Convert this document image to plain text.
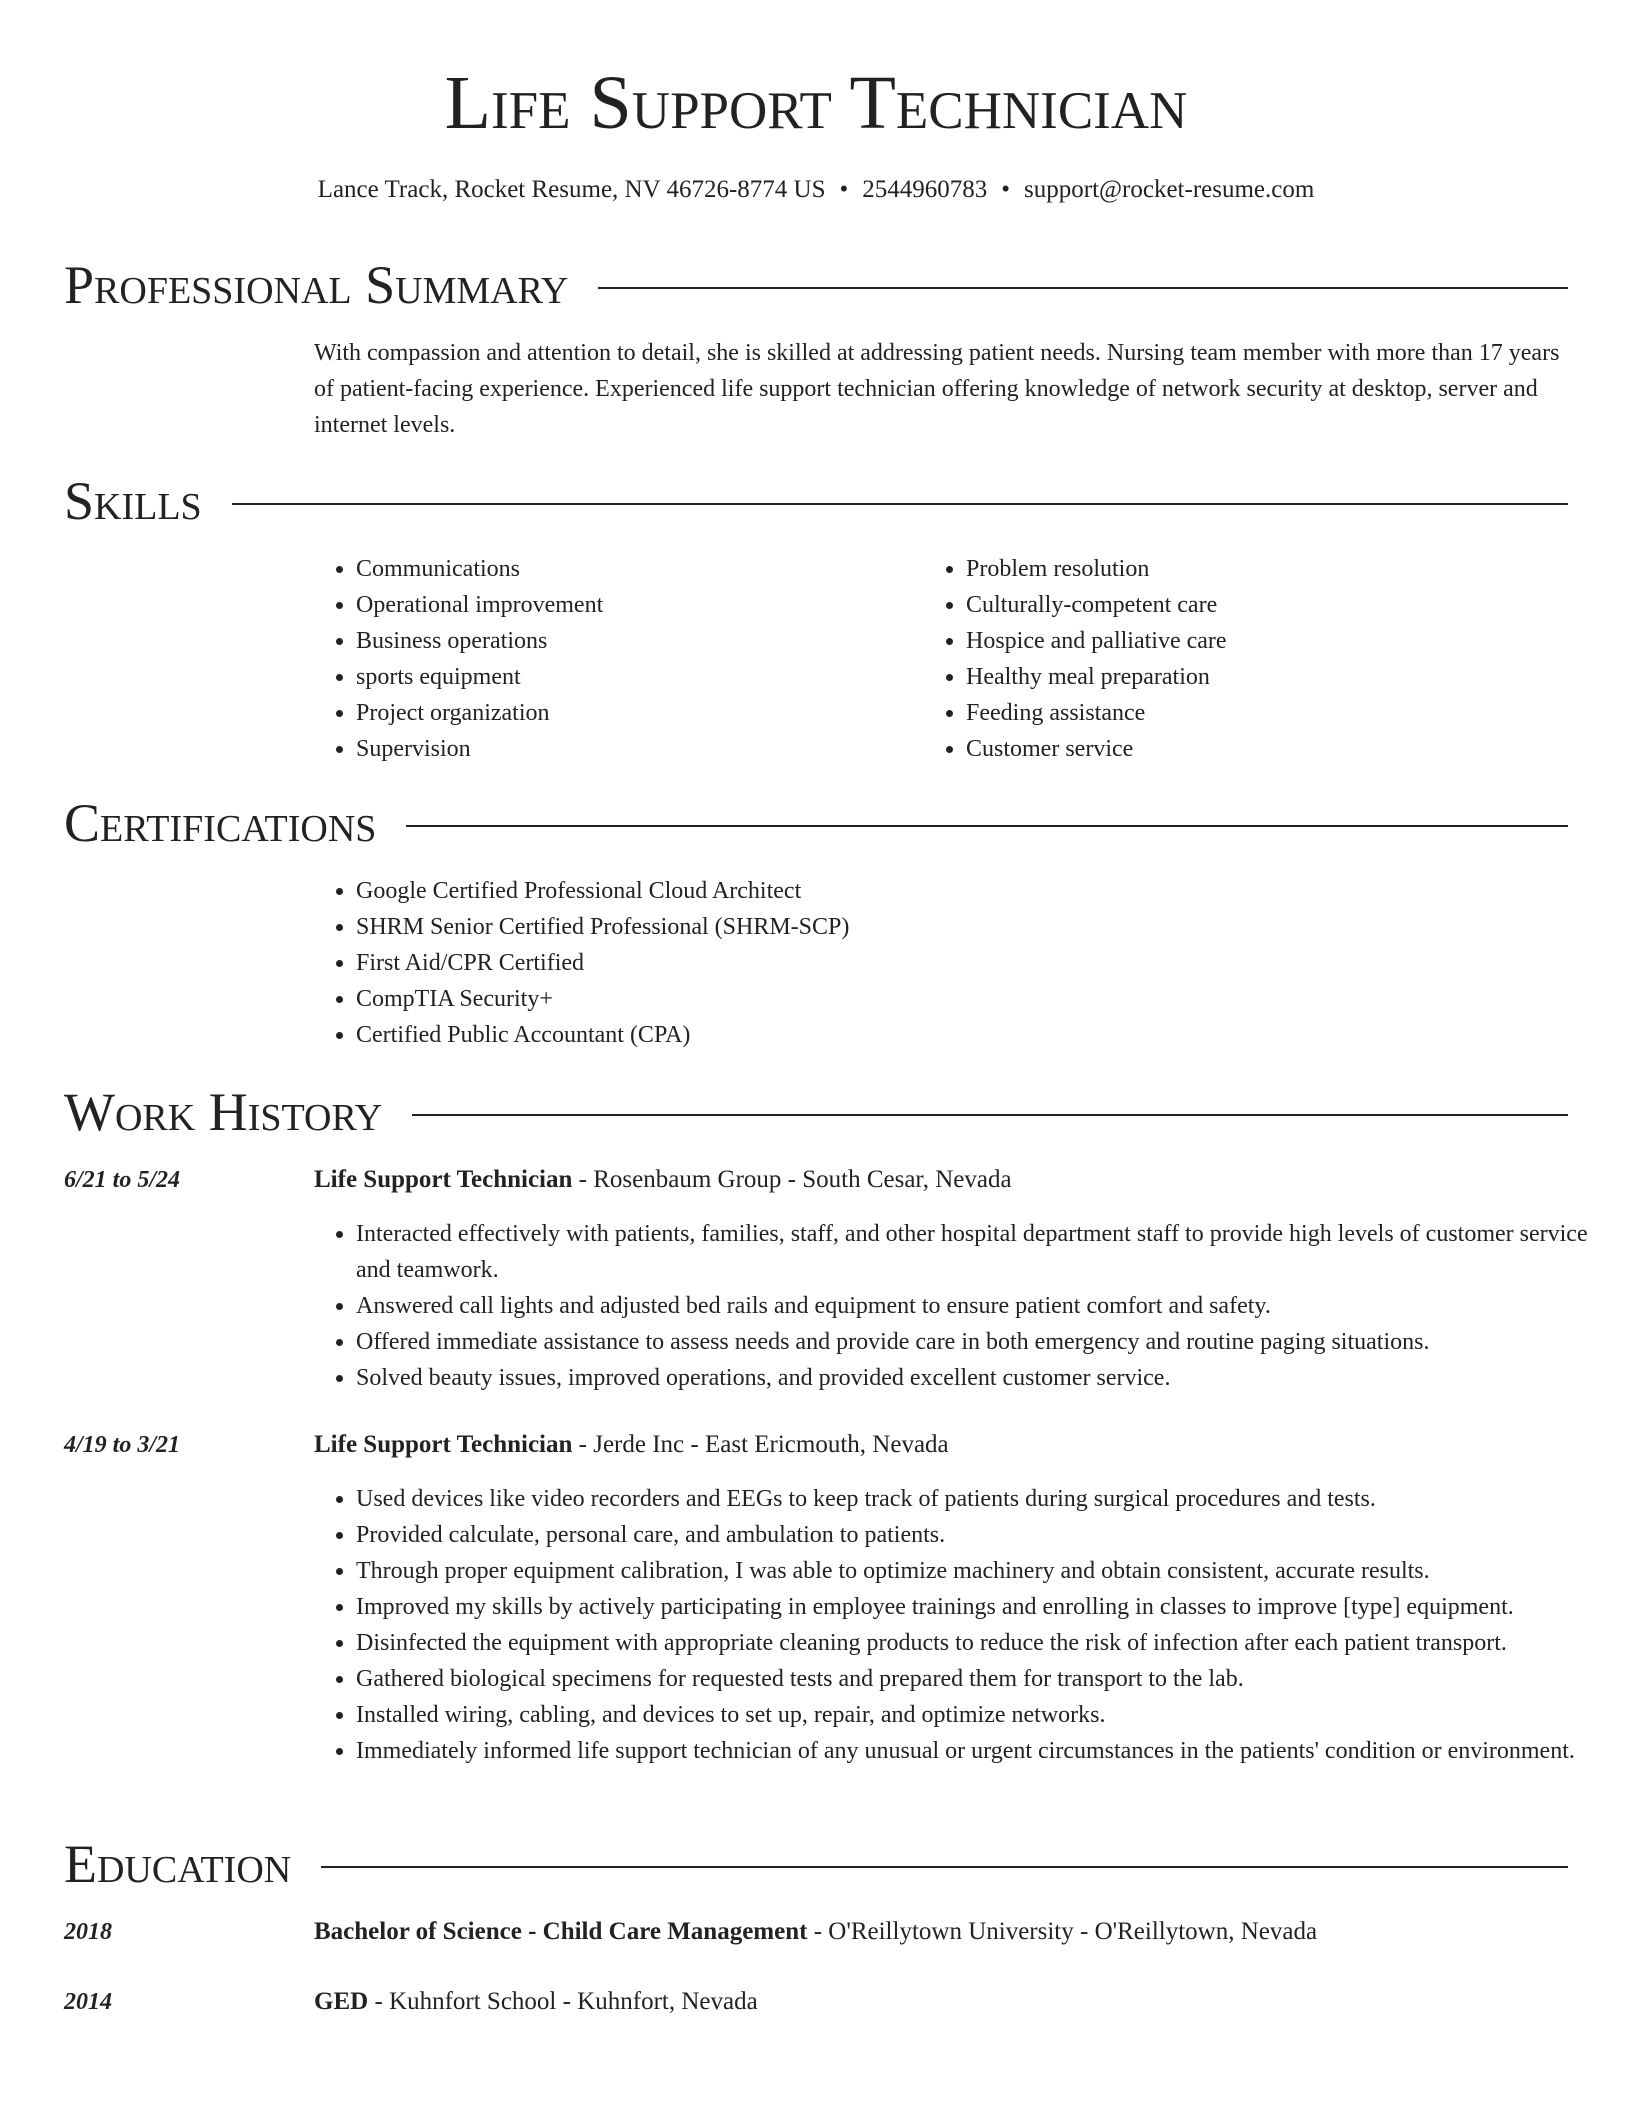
Life Support Technician
Lance Track, Rocket Resume, NV 46726-8774 US • 2544960783 • support@rocket-resume.com
Professional Summary
With compassion and attention to detail, she is skilled at addressing patient needs. Nursing team member with more than 17 years of patient-facing experience. Experienced life support technician offering knowledge of network security at desktop, server and internet levels.
Skills
• Communications
• Operational improvement
• Business operations
• sports equipment
• Project organization
• Supervision
• Problem resolution
• Culturally-competent care
• Hospice and palliative care
• Healthy meal preparation
• Feeding assistance
• Customer service
Certifications
• Google Certified Professional Cloud Architect
• SHRM Senior Certified Professional (SHRM-SCP)
• First Aid/CPR Certified
• CompTIA Security+
• Certified Public Accountant (CPA)
Work History
6/21 to 5/24	Life Support Technician - Rosenbaum Group - South Cesar, Nevada
• Interacted effectively with patients, families, staff, and other hospital department staff to provide high levels of customer service and teamwork.
• Answered call lights and adjusted bed rails and equipment to ensure patient comfort and safety.
• Offered immediate assistance to assess needs and provide care in both emergency and routine paging situations.
• Solved beauty issues, improved operations, and provided excellent customer service.
4/19 to 3/21	Life Support Technician - Jerde Inc - East Ericmouth, Nevada
• Used devices like video recorders and EEGs to keep track of patients during surgical procedures and tests.
• Provided calculate, personal care, and ambulation to patients.
• Through proper equipment calibration, I was able to optimize machinery and obtain consistent, accurate results.
• Improved my skills by actively participating in employee trainings and enrolling in classes to improve [type] equipment.
• Disinfected the equipment with appropriate cleaning products to reduce the risk of infection after each patient transport.
• Gathered biological specimens for requested tests and prepared them for transport to the lab.
• Installed wiring, cabling, and devices to set up, repair, and optimize networks.
• Immediately informed life support technician of any unusual or urgent circumstances in the patients' condition or environment.
Education
2018	Bachelor of Science - Child Care Management - O'Reillytown University - O'Reillytown, Nevada
2014	GED - Kuhnfort School - Kuhnfort, Nevada
